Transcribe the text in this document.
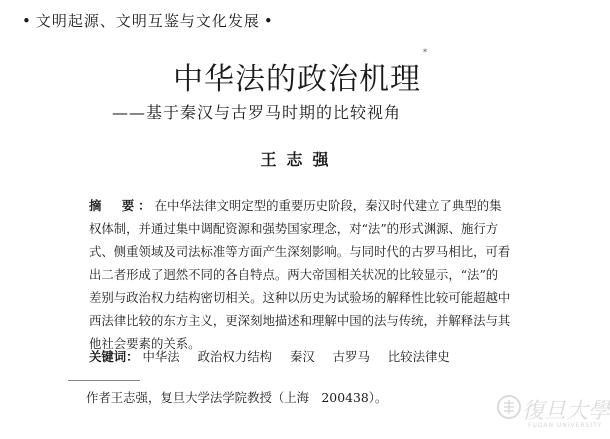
• 文明起源、文明互鉴与文化发展 •
中华法的政治机理*
——基于秦汉与古罗马时期的比较视角
王志强
摘　要：在中华法律文明定型的重要历史阶段，秦汉时代建立了典型的集
权体制，并通过集中调配资源和强势国家理念，对“法”的形式渊源、施行方
式、侧重领域及司法标准等方面产生深刻影响。与同时代的古罗马相比，可看
出二者形成了迥然不同的各自特点。两大帝国相关状况的比较显示，“法”的
差别与政治权力结构密切相关。这种以历史为试验场的解释性比较可能超越中
西法律比较的东方主义，更深刻地描述和理解中国的法与传统，并解释法与其
他社会要素的关系。
关键词： 中华法 政治权力结构 秦汉 古罗马 比较法律史
作者王志强，复旦大学法学院教授（上海　200438）。
復旦大學
FUDAN UNIVERSITY
